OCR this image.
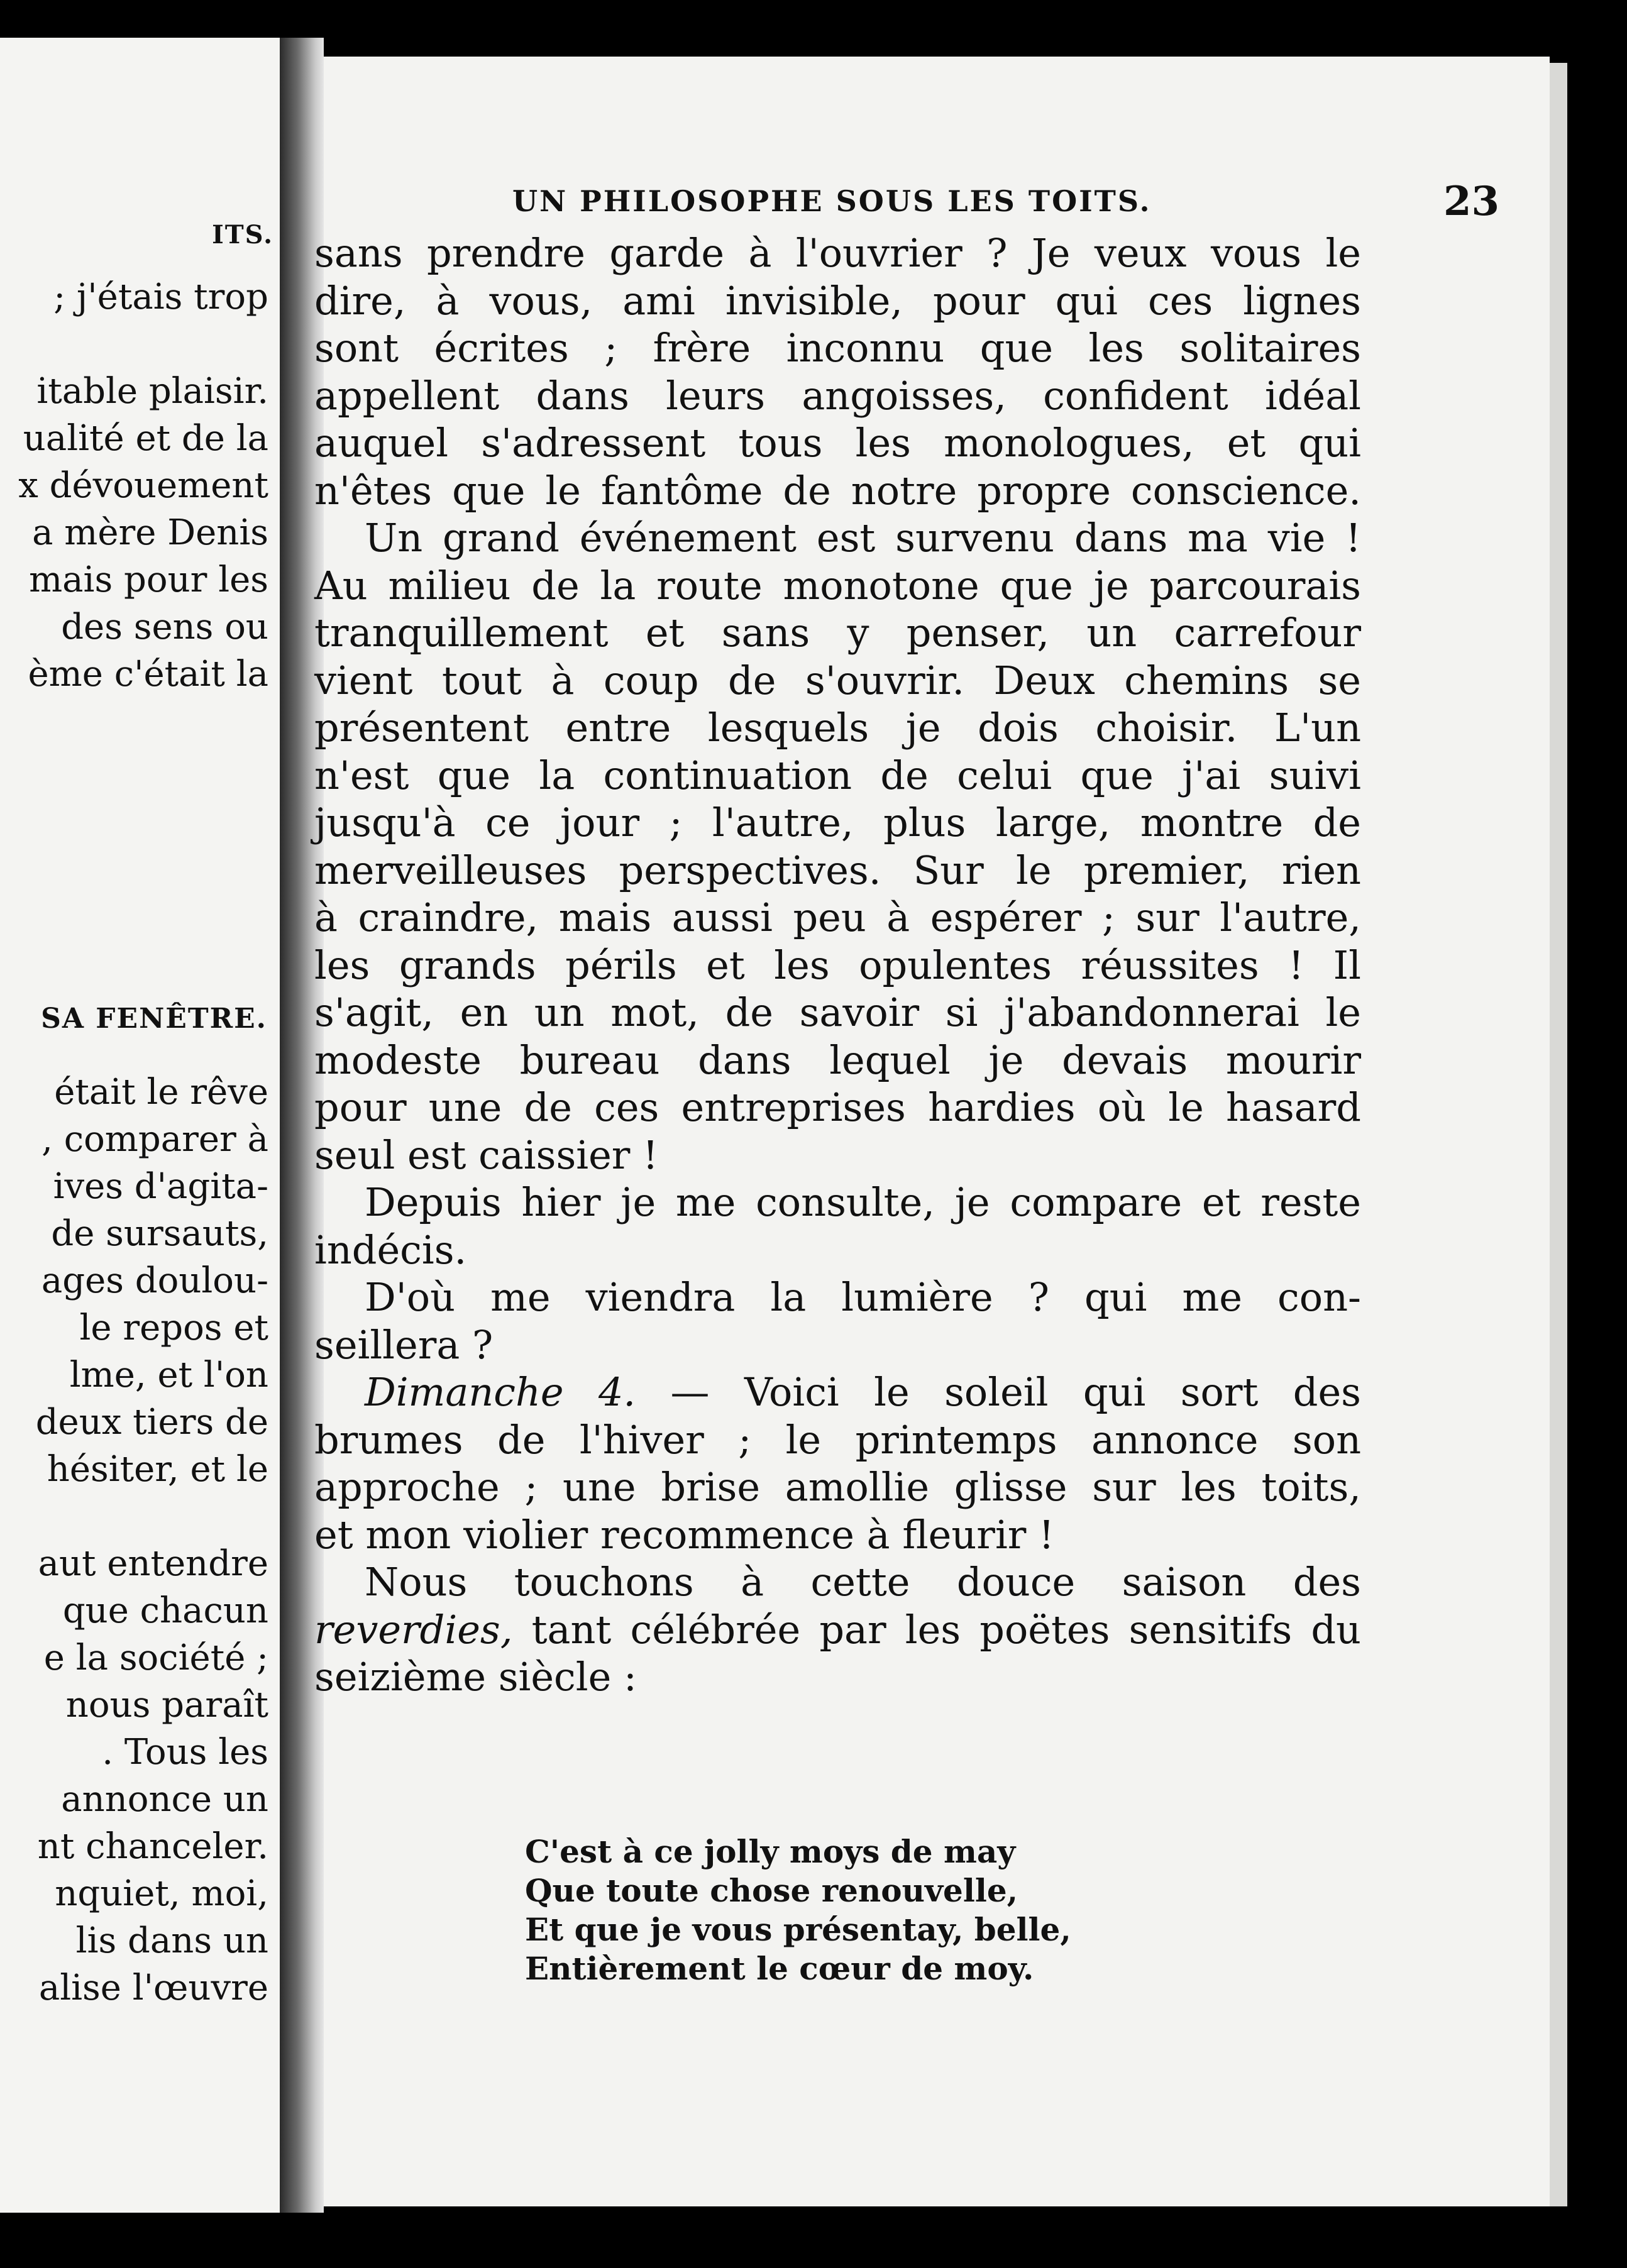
ITS.
; j'étais trop
itable plaisir.
ualité et de la
x dévouement
a mère Denis
mais pour les
des sens ou
ème c'était la
SA FENÊTRE.
était le rêve
, comparer à
ives d'agita-
de sursauts,
ages doulou-
le repos et
lme, et l'on
deux tiers de
hésiter, et le
aut entendre
que chacun
e la société ;
nous paraît
. Tous les
annonce un
nt chanceler.
nquiet, moi,
lis dans un
alise l'œuvre
UN PHILOSOPHE SOUS LES TOITS.	23
sans prendre garde à l'ouvrier ? Je veux vous le
dire, à vous, ami invisible, pour qui ces lignes
sont écrites ; frère inconnu que les solitaires
appellent dans leurs angoisses, confident idéal
auquel s'adressent tous les monologues, et qui
n'êtes que le fantôme de notre propre conscience.
Un grand événement est survenu dans ma vie !
Au milieu de la route monotone que je parcourais
tranquillement et sans y penser, un carrefour
vient tout à coup de s'ouvrir. Deux chemins se
présentent entre lesquels je dois choisir. L'un
n'est que la continuation de celui que j'ai suivi
jusqu'à ce jour ; l'autre, plus large, montre de
merveilleuses perspectives. Sur le premier, rien
à craindre, mais aussi peu à espérer ; sur l'autre,
les grands périls et les opulentes réussites ! Il
s'agit, en un mot, de savoir si j'abandonnerai le
modeste bureau dans lequel je devais mourir
pour une de ces entreprises hardies où le hasard
seul est caissier !
Depuis hier je me consulte, je compare et reste
indécis.
D'où me viendra la lumière ? qui me con-
seillera ?
Dimanche 4. — Voici le soleil qui sort des
brumes de l'hiver ; le printemps annonce son
approche ; une brise amollie glisse sur les toits,
et mon violier recommence à fleurir !
Nous touchons à cette douce saison des
reverdies, tant célébrée par les poëtes sensitifs du
seizième siècle :
C'est à ce jolly moys de may
Que toute chose renouvelle,
Et que je vous présentay, belle,
Entièrement le cœur de moy.
